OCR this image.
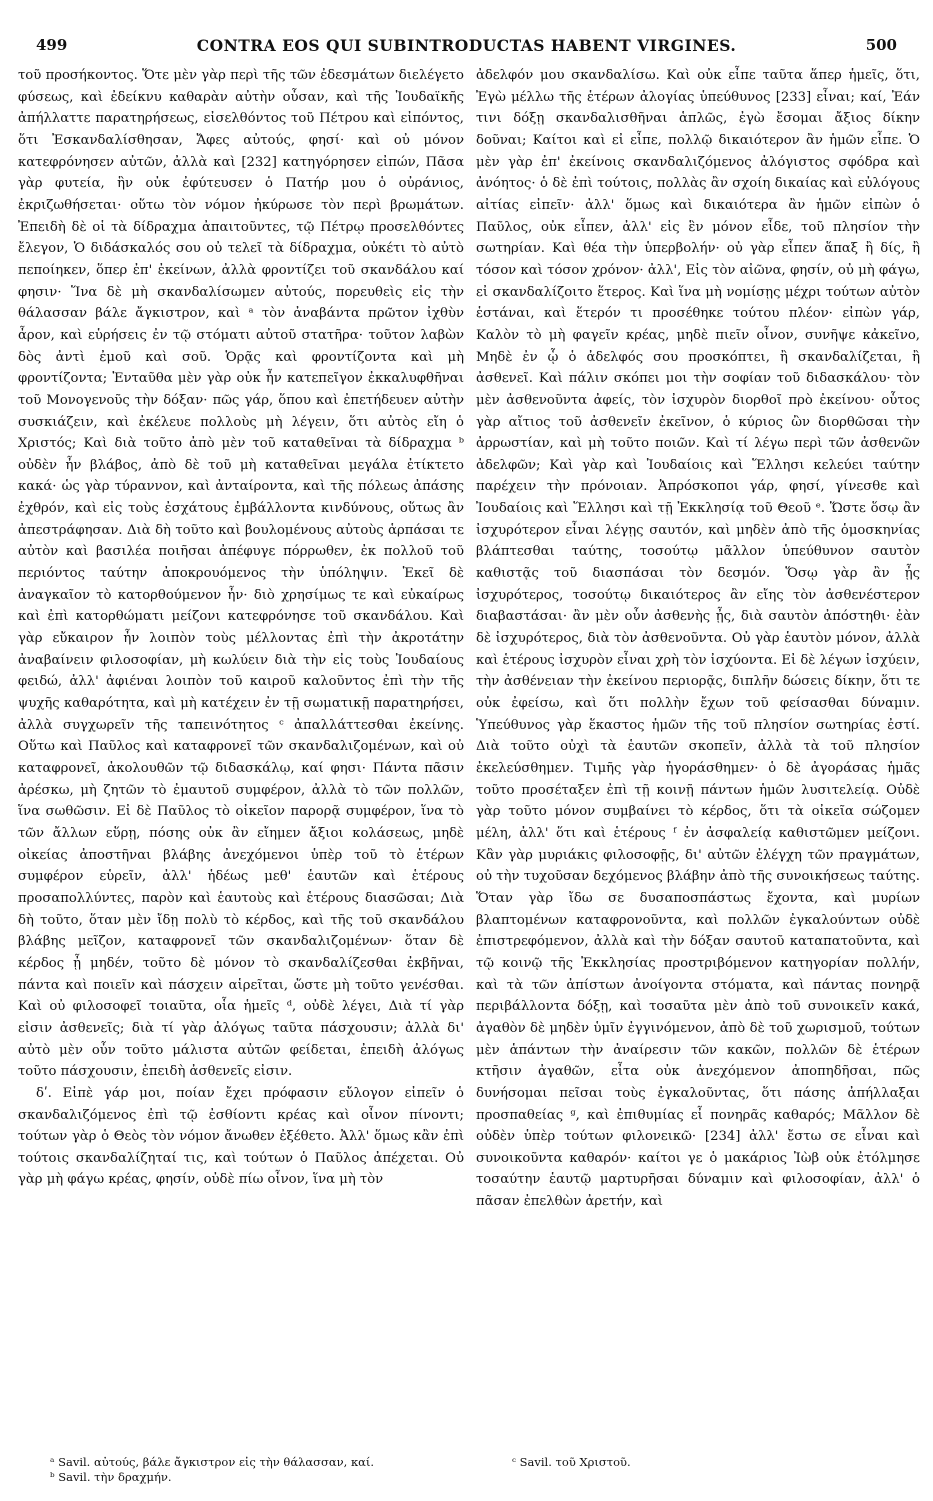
499	CONTRA EOS QUI SUBINTRODUCTAS HABENT VIRGINES.	500

τοῦ προσήκοντος. Ὅτε μὲν γὰρ περὶ τῆς τῶν ἐδεσμάτων διελέγετο φύσεως, καὶ ἐδείκνυ καθαρὰν αὐτὴν οὖσαν, καὶ τῆς Ἰουδαϊκῆς ἀπήλλαττε παρατηρήσεως, εἰσελθόντος τοῦ Πέτρου καὶ εἰπόντος, ὅτι Ἐσκανδαλίσθησαν, Ἄφες αὐτούς, φησί· καὶ οὐ μόνον κατεφρόνησεν αὐτῶν, ἀλλὰ καὶ [232] κατηγόρησεν εἰπών, Πᾶσα γὰρ φυτεία, ἣν οὐκ ἐφύτευσεν ὁ Πατήρ μου ὁ οὐράνιος, ἐκριζωθήσεται· οὕτω τὸν νόμον ἠκύρωσε τὸν περὶ βρωμάτων. Ἐπειδὴ δὲ οἱ τὰ δίδραχμα ἀπαιτοῦντες, τῷ Πέτρῳ προσελθόντες ἔλεγον, Ὁ διδάσκαλός σου οὐ τελεῖ τὰ δίδραχμα, οὐκέτι τὸ αὐτὸ πεποίηκεν, ὅπερ ἐπ' ἐκείνων, ἀλλὰ φροντίζει τοῦ σκανδάλου καί φησιν· Ἵνα δὲ μὴ σκανδαλίσωμεν αὐτούς, πορευθεὶς εἰς τὴν θάλασσαν βάλε ἄγκιστρον, καὶ ᵃ τὸν ἀναβάντα πρῶτον ἰχθὺν ἆρον, καὶ εὑρήσεις ἐν τῷ στόματι αὐτοῦ στατῆρα· τοῦτον λαβὼν δὸς ἀντὶ ἐμοῦ καὶ σοῦ. Ὁρᾷς καὶ φροντίζοντα καὶ μὴ φροντίζοντα; Ἐνταῦθα μὲν γὰρ οὐκ ἦν κατεπεῖγον ἐκκαλυφθῆναι τοῦ Μονογενοῦς τὴν δόξαν· πῶς γάρ, ὅπου καὶ ἐπετήδευεν αὐτὴν συσκιάζειν, καὶ ἐκέλευε πολλοὺς μὴ λέγειν, ὅτι αὐτὸς εἴη ὁ Χριστός; Καὶ διὰ τοῦτο ἀπὸ μὲν τοῦ καταθεῖναι τὰ δίδραχμα ᵇ οὐδὲν ἦν βλάβος, ἀπὸ δὲ τοῦ μὴ καταθεῖναι μεγάλα ἐτίκτετο κακά· ὡς γὰρ τύραννον, καὶ ἀνταίροντα, καὶ τῆς πόλεως ἀπάσης ἐχθρόν, καὶ εἰς τοὺς ἐσχάτους ἐμβάλλοντα κινδύνους, οὕτως ἂν ἀπεστράφησαν. Διὰ δὴ τοῦτο καὶ βουλομένους αὐτοὺς ἁρπάσαι τε αὐτὸν καὶ βασιλέα ποιῆσαι ἀπέφυγε πόρρωθεν, ἐκ πολλοῦ τοῦ περιόντος ταύτην ἀποκρουόμενος τὴν ὑπόληψιν. Ἐκεῖ δὲ ἀναγκαῖον τὸ κατορθούμενον ἦν· διὸ χρησίμως τε καὶ εὐκαίρως καὶ ἐπὶ κατορθώματι μείζονι κατεφρόνησε τοῦ σκανδάλου. Καὶ γὰρ εὔκαιρον ἦν λοιπὸν τοὺς μέλλοντας ἐπὶ τὴν ἀκροτάτην ἀναβαίνειν φιλοσοφίαν, μὴ κωλύειν διὰ τὴν εἰς τοὺς Ἰουδαίους φειδώ, ἀλλ' ἀφιέναι λοιπὸν τοῦ καιροῦ καλοῦντος ἐπὶ τὴν τῆς ψυχῆς καθαρότητα, καὶ μὴ κατέχειν ἐν τῇ σωματικῇ παρατηρήσει, ἀλλὰ συγχωρεῖν τῆς ταπεινότητος ᶜ ἀπαλλάττεσθαι ἐκείνης. Οὕτω καὶ Παῦλος καὶ καταφρονεῖ τῶν σκανδαλιζομένων, καὶ οὐ καταφρονεῖ, ἀκολουθῶν τῷ διδασκάλῳ, καί φησι· Πάντα πᾶσιν ἀρέσκω, μὴ ζητῶν τὸ ἐμαυτοῦ συμφέρον, ἀλλὰ τὸ τῶν πολλῶν, ἵνα σωθῶσιν. Εἰ δὲ Παῦλος τὸ οἰκεῖον παρορᾷ συμφέρον, ἵνα τὸ τῶν ἄλλων εὕρῃ, πόσης οὐκ ἂν εἴημεν ἄξιοι κολάσεως, μηδὲ οἰκείας ἀποστῆναι βλάβης ἀνεχόμενοι ὑπὲρ τοῦ τὸ ἑτέρων συμφέρον εὑρεῖν, ἀλλ' ἡδέως μεθ' ἑαυτῶν καὶ ἑτέρους προσαπολλύντες, παρὸν καὶ ἑαυτοὺς καὶ ἑτέρους διασῶσαι; Διὰ δὴ τοῦτο, ὅταν μὲν ἴδῃ πολὺ τὸ κέρδος, καὶ τῆς τοῦ σκανδάλου βλάβης μεῖζον, καταφρονεῖ τῶν σκανδαλιζομένων· ὅταν δὲ κέρδος ᾖ μηδέν, τοῦτο δὲ μόνον τὸ σκανδαλίζεσθαι ἐκβῆναι, πάντα καὶ ποιεῖν καὶ πάσχειν αἱρεῖται, ὥστε μὴ τοῦτο γενέσθαι. Καὶ οὐ φιλοσοφεῖ τοιαῦτα, οἷα ἡμεῖς ᵈ, οὐδὲ λέγει, Διὰ τί γὰρ εἰσιν ἀσθενεῖς; διὰ τί γὰρ ἀλόγως ταῦτα πάσχουσιν; ἀλλὰ δι' αὐτὸ μὲν οὖν τοῦτο μάλιστα αὐτῶν φείδεται, ἐπειδὴ ἀλόγως τοῦτο πάσχουσιν, ἐπειδὴ ἀσθενεῖς εἰσιν.

δʹ. Εἰπὲ γάρ μοι, ποίαν ἔχει πρόφασιν εὔλογον εἰπεῖν ὁ σκανδαλιζόμενος ἐπὶ τῷ ἐσθίοντι κρέας καὶ οἶνον πίνοντι; τούτων γὰρ ὁ Θεὸς τὸν νόμον ἄνωθεν ἐξέθετο. Ἀλλ' ὅμως κἂν ἐπὶ τούτοις σκανδαλίζηταί τις, καὶ τούτων ὁ Παῦλος ἀπέχεται. Οὐ γὰρ μὴ φάγω κρέας, φησίν, οὐδὲ πίω οἶνον, ἵνα μὴ τὸν

ἀδελφόν μου σκανδαλίσω. Καὶ οὐκ εἶπε ταῦτα ἅπερ ἡμεῖς, ὅτι, Ἐγὼ μέλλω τῆς ἑτέρων ἀλογίας ὑπεύθυνος [233] εἶναι; καί, Ἐάν τινι δόξῃ σκανδαλισθῆναι ἁπλῶς, ἐγὼ ἔσομαι ἄξιος δίκην δοῦναι; Καίτοι καὶ εἰ εἶπε, πολλῷ δικαιότερον ἂν ἡμῶν εἶπε. Ὁ μὲν γὰρ ἐπ' ἐκείνοις σκανδαλιζόμενος ἀλόγιστος σφόδρα καὶ ἀνόητος· ὁ δὲ ἐπὶ τούτοις, πολλὰς ἂν σχοίη δικαίας καὶ εὐλόγους αἰτίας εἰπεῖν· ἀλλ' ὅμως καὶ δικαιότερα ἂν ἡμῶν εἰπὼν ὁ Παῦλος, οὐκ εἶπεν, ἀλλ' εἰς ἓν μόνον εἶδε, τοῦ πλησίον τὴν σωτηρίαν. Καὶ θέα τὴν ὑπερβολήν· οὐ γὰρ εἶπεν ἅπαξ ἢ δίς, ἢ τόσον καὶ τόσον χρόνον· ἀλλ', Εἰς τὸν αἰῶνα, φησίν, οὐ μὴ φάγω, εἰ σκανδαλίζοιτο ἕτερος. Καὶ ἵνα μὴ νομίσῃς μέχρι τούτων αὐτὸν ἑστάναι, καὶ ἕτερόν τι προσέθηκε τούτου πλέον· εἰπὼν γάρ, Καλὸν τὸ μὴ φαγεῖν κρέας, μηδὲ πιεῖν οἶνον, συνῆψε κἀκεῖνο, Μηδὲ ἐν ᾧ ὁ ἀδελφός σου προσκόπτει, ἢ σκανδαλίζεται, ἢ ἀσθενεῖ. Καὶ πάλιν σκόπει μοι τὴν σοφίαν τοῦ διδασκάλου· τὸν μὲν ἀσθενοῦντα ἀφείς, τὸν ἰσχυρὸν διορθοῖ πρὸ ἐκείνου· οὗτος γὰρ αἴτιος τοῦ ἀσθενεῖν ἐκεῖνον, ὁ κύριος ὢν διορθῶσαι τὴν ἀρρωστίαν, καὶ μὴ τοῦτο ποιῶν. Καὶ τί λέγω περὶ τῶν ἀσθενῶν ἀδελφῶν; Καὶ γὰρ καὶ Ἰουδαίοις καὶ Ἕλλησι κελεύει ταύτην παρέχειν τὴν πρόνοιαν. Ἀπρόσκοποι γάρ, φησί, γίνεσθε καὶ Ἰουδαίοις καὶ Ἕλλησι καὶ τῇ Ἐκκλησίᾳ τοῦ Θεοῦ ᵉ. Ὥστε ὅσῳ ἂν ἰσχυρότερον εἶναι λέγῃς σαυτόν, καὶ μηδὲν ἀπὸ τῆς ὁμοσκηνίας βλάπτεσθαι ταύτης, τοσούτῳ μᾶλλον ὑπεύθυνον σαυτὸν καθιστᾷς τοῦ διασπάσαι τὸν δεσμόν. Ὅσῳ γὰρ ἂν ᾖς ἰσχυρότερος, τοσούτῳ δικαιότερος ἂν εἴης τὸν ἀσθενέστερον διαβαστάσαι· ἂν μὲν οὖν ἀσθενὴς ᾖς, διὰ σαυτὸν ἀπόστηθι· ἐὰν δὲ ἰσχυρότερος, διὰ τὸν ἀσθενοῦντα. Οὐ γὰρ ἑαυτὸν μόνον, ἀλλὰ καὶ ἑτέρους ἰσχυρὸν εἶναι χρὴ τὸν ἰσχύοντα. Εἰ δὲ λέγων ἰσχύειν, τὴν ἀσθένειαν τὴν ἐκείνου περιορᾷς, διπλῆν δώσεις δίκην, ὅτι τε οὐκ ἐφείσω, καὶ ὅτι πολλὴν ἔχων τοῦ φείσασθαι δύναμιν. Ὑπεύθυνος γὰρ ἕκαστος ἡμῶν τῆς τοῦ πλησίον σωτηρίας ἐστί. Διὰ τοῦτο οὐχὶ τὰ ἑαυτῶν σκοπεῖν, ἀλλὰ τὰ τοῦ πλησίον ἐκελεύσθημεν. Τιμῆς γὰρ ἠγοράσθημεν· ὁ δὲ ἀγοράσας ἡμᾶς τοῦτο προσέταξεν ἐπὶ τῇ κοινῇ πάντων ἡμῶν λυσιτελείᾳ. Οὐδὲ γὰρ τοῦτο μόνον συμβαίνει τὸ κέρδος, ὅτι τὰ οἰκεῖα σώζομεν μέλη, ἀλλ' ὅτι καὶ ἑτέρους ᶠ ἐν ἀσφαλείᾳ καθιστῶμεν μείζονι. Κἂν γὰρ μυριάκις φιλοσοφῇς, δι' αὐτῶν ἐλέγχη τῶν πραγμάτων, οὐ τὴν τυχοῦσαν δεχόμενος βλάβην ἀπὸ τῆς συνοικήσεως ταύτης. Ὅταν γὰρ ἴδω σε δυσαποσπάστως ἔχοντα, καὶ μυρίων βλαπτομένων καταφρονοῦντα, καὶ πολλῶν ἐγκαλούντων οὐδὲ ἐπιστρεφόμενον, ἀλλὰ καὶ τὴν δόξαν σαυτοῦ καταπατοῦντα, καὶ τῷ κοινῷ τῆς Ἐκκλησίας προστριβόμενον κατηγορίαν πολλήν, καὶ τὰ τῶν ἀπίστων ἀνοίγοντα στόματα, καὶ πάντας πονηρᾷ περιβάλλοντα δόξῃ, καὶ τοσαῦτα μὲν ἀπὸ τοῦ συνοικεῖν κακά, ἀγαθὸν δὲ μηδὲν ὑμῖν ἐγγινόμενον, ἀπὸ δὲ τοῦ χωρισμοῦ, τούτων μὲν ἁπάντων τὴν ἀναίρεσιν τῶν κακῶν, πολλῶν δὲ ἑτέρων κτῆσιν ἀγαθῶν, εἶτα οὐκ ἀνεχόμενον ἀποπηδῆσαι, πῶς δυνήσομαι πεῖσαι τοὺς ἐγκαλοῦντας, ὅτι πάσης ἀπήλλαξαι προσπαθείας ᵍ, καὶ ἐπιθυμίας εἶ πονηρᾶς καθαρός; Μᾶλλον δὲ οὐδὲν ὑπὲρ τούτων φιλονεικῶ· [234] ἀλλ' ἔστω σε εἶναι καὶ συνοικοῦντα καθαρόν· καίτοι γε ὁ μακάριος Ἰὼβ οὐκ ἐτόλμησε τοσαύτην ἑαυτῷ μαρτυρῆσαι δύναμιν καὶ φιλοσοφίαν, ἀλλ' ὁ πᾶσαν ἐπελθὼν ἀρετήν, καὶ

ᵃ Savil. αὐτούς, βάλε ἄγκιστρον εἰς τὴν θάλασσαν, καί.

ᵇ Savil. τὴν δραχμήν.

ᶜ Savil. τοῦ Χριστοῦ.
